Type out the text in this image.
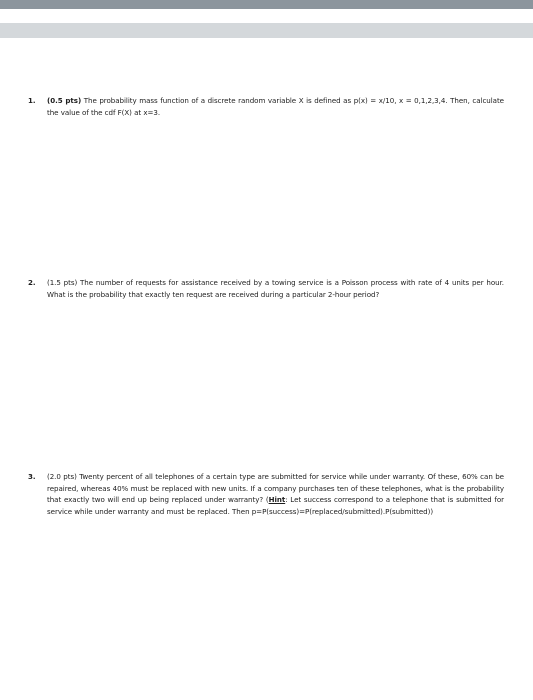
1. (0.5 pts) The probability mass function of a discrete random variable X is defined as p(x) = x/10, x = 0,1,2,3,4. Then, calculate the value of the cdf F(X) at x=3.
2. (1.5 pts) The number of requests for assistance received by a towing service is a Poisson process with rate of 4 units per hour. What is the probability that exactly ten request are received during a particular 2-hour period?
3. (2.0 pts) Twenty percent of all telephones of a certain type are submitted for service while under warranty. Of these, 60% can be repaired, whereas 40% must be replaced with new units. If a company purchases ten of these telephones, what is the probability that exactly two will end up being replaced under warranty? (Hint: Let success correspond to a telephone that is submitted for service while under warranty and must be replaced. Then p=P(success)=P(replaced/submitted).P(submitted))
